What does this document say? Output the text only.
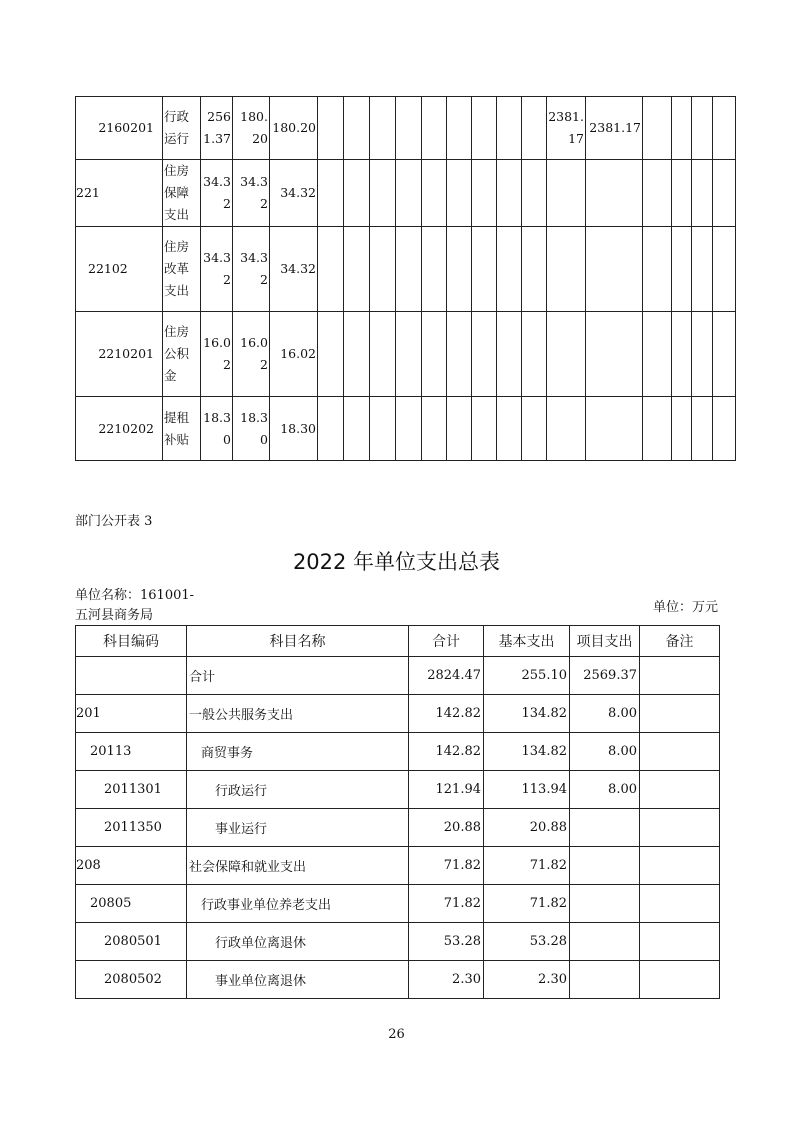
2160201	行政运行	2561.37	180.20	180.20										2381.17	2381.17				
221	住房保障支出	34.32	34.32	34.32															
22102	住房改革支出	34.32	34.32	34.32															
2210201	住房公积金	16.02	16.02	16.02															
2210202	提租补贴	18.30	18.30	18.30															
部门公开表 3
2022 年单位支出总表
单位名称：161001-
五河县商务局
单位：万元
科目编码	科目名称	合计	基本支出	项目支出	备注
	合计	2824.47	255.10	2569.37	
201	一般公共服务支出	142.82	134.82	8.00	
20113	商贸事务	142.82	134.82	8.00	
2011301	行政运行	121.94	113.94	8.00	
2011350	事业运行	20.88	20.88		
208	社会保障和就业支出	71.82	71.82		
20805	行政事业单位养老支出	71.82	71.82		
2080501	行政单位离退休	53.28	53.28		
2080502	事业单位离退休	2.30	2.30		
26
